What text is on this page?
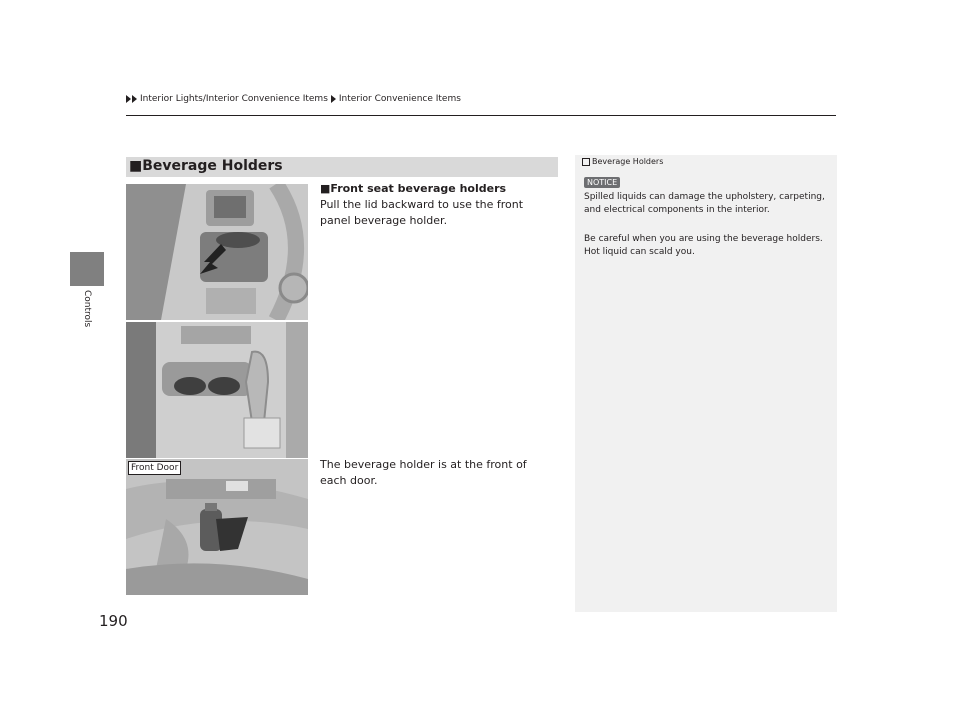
Interior Lights/Interior Convenience Items Interior Convenience Items
Controls
190
■Beverage Holders
Front Door
■Front seat beverage holders
Pull the lid backward to use the front panel beverage holder.
The beverage holder is at the front of each door.
Beverage Holders
NOTICE
Spilled liquids can damage the upholstery, carpeting, and electrical components in the interior.
Be careful when you are using the beverage holders. Hot liquid can scald you.
